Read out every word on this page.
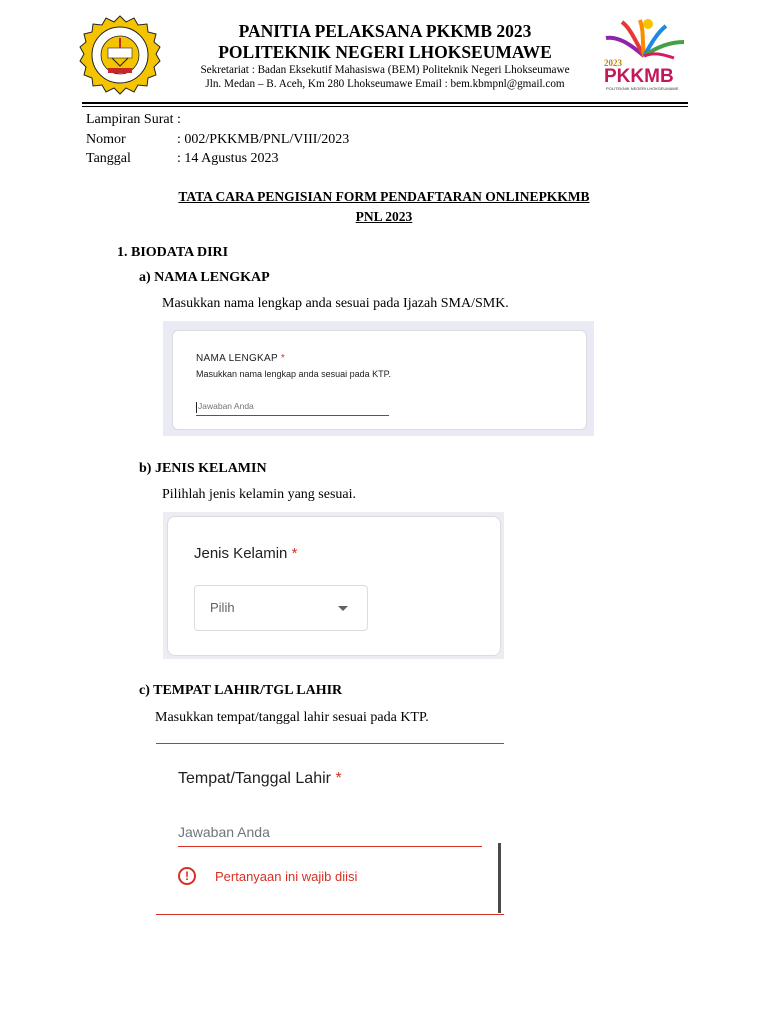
PANITIA PELAKSANA PKKMB 2023
POLITEKNIK NEGERI LHOKSEUMAWE
Sekretariat : Badan Eksekutif Mahasiswa (BEM) Politeknik Negeri Lhokseumawe
Jln. Medan – B. Aceh, Km 280 Lhokseumawe Email : bem.kbmpnl@gmail.com
2023
PKKMB
POLITEKNIK NEGERI LHOKSEUMAWE
Lampiran Surat :
Nomor	: 002/PKKMB/PNL/VIII/2023
Tanggal	: 14 Agustus 2023
TATA CARA PENGISIAN FORM PENDAFTARAN ONLINEPKKMB
PNL 2023
1. BIODATA DIRI
a) NAMA LENGKAP
Masukkan nama lengkap anda sesuai pada Ijazah SMA/SMK.
NAMA LENGKAP *
Masukkan nama lengkap anda sesuai pada KTP.
Jawaban Anda
b) JENIS KELAMIN
Pilihlah jenis kelamin yang sesuai.
Jenis Kelamin *
Pilih
c) TEMPAT LAHIR/TGL LAHIR
Masukkan tempat/tanggal lahir sesuai pada KTP.
Tempat/Tanggal Lahir *
Jawaban Anda
!	Pertanyaan ini wajib diisi
